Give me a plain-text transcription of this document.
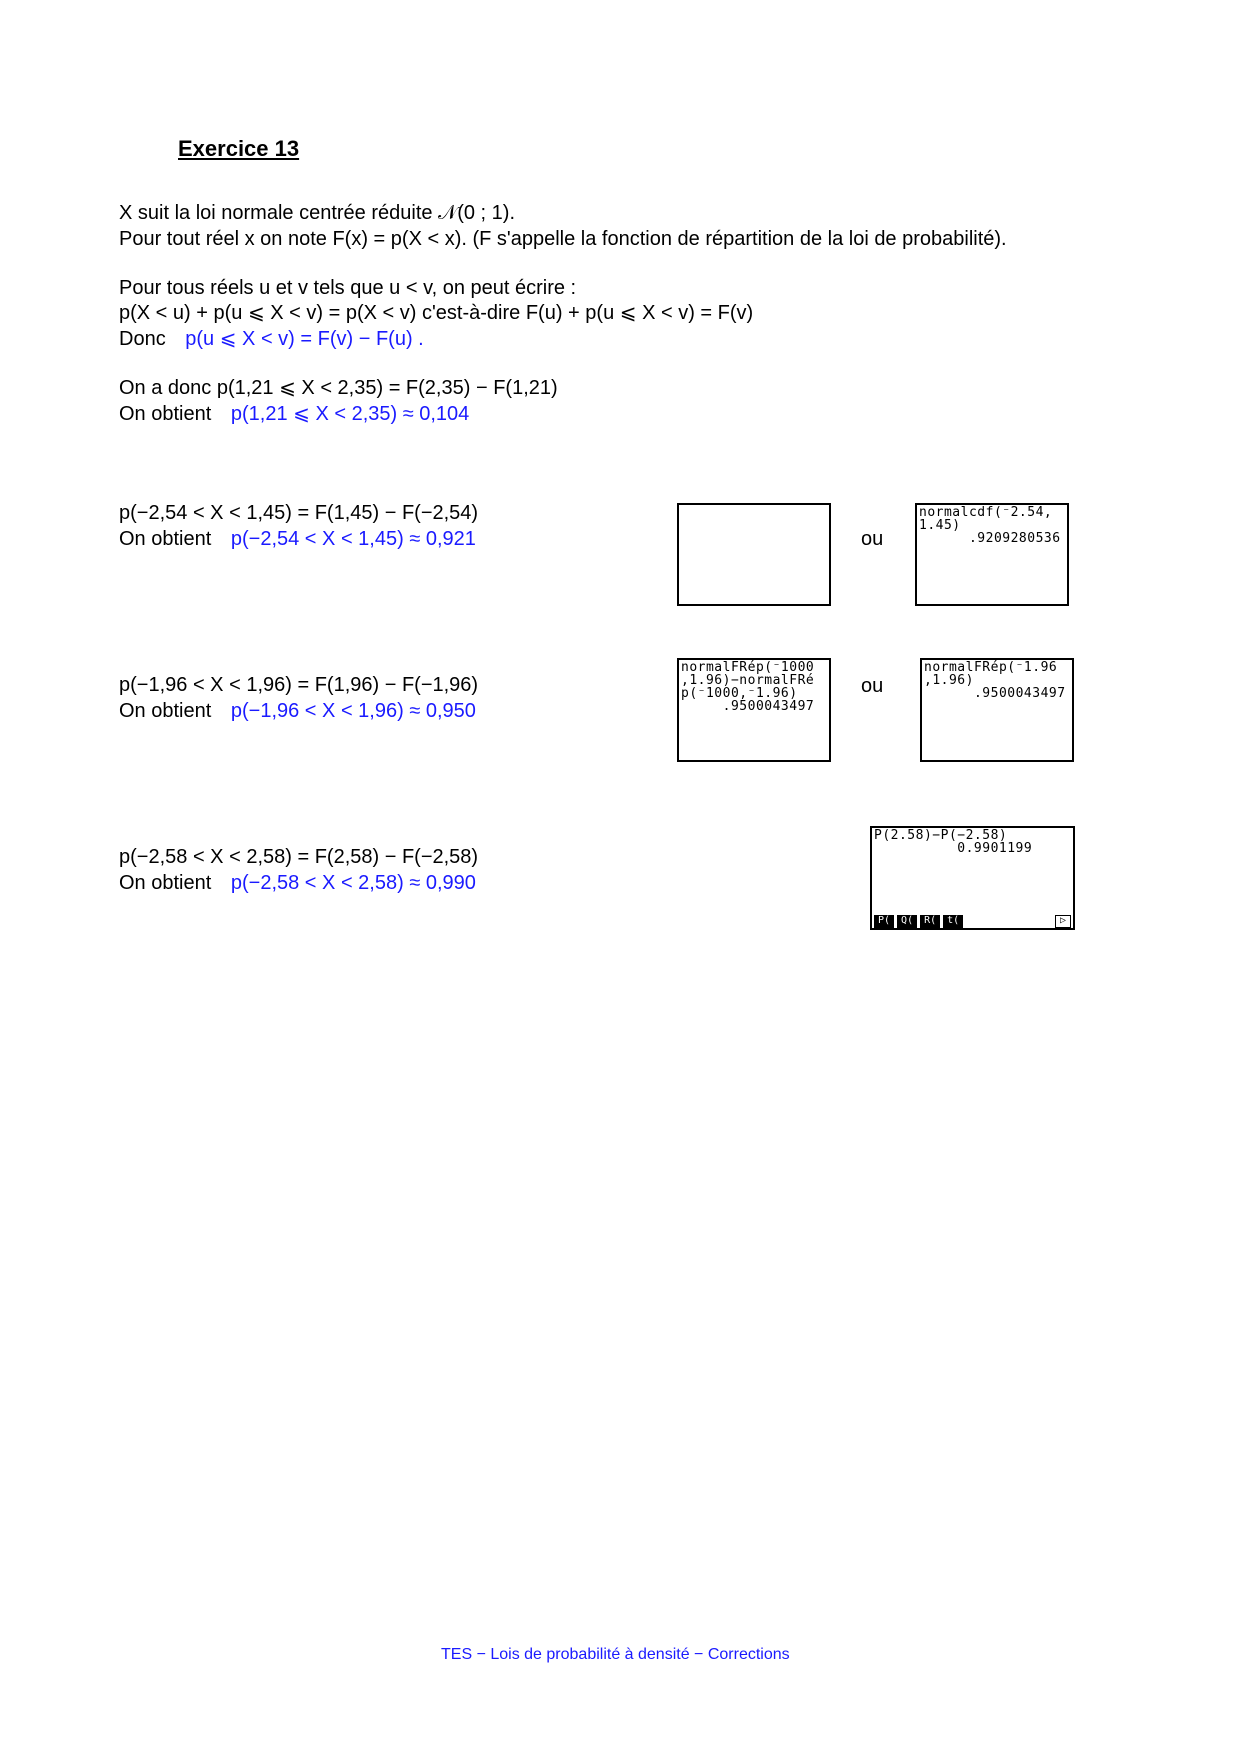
Exercice 13
X suit la loi normale centrée réduite 𝒩(0 ; 1).
Pour tout réel x on note F(x) = p(X < x). (F s'appelle la fonction de répartition de la loi de probabilité).
Pour tous réels u et v tels que u < v, on peut écrire :
p(X < u) + p(u ⩽ X < v) = p(X < v) c'est-à-dire F(u) + p(u ⩽ X < v) = F(v)
Donc p(u ⩽ X < v) = F(v) − F(u) .
On a donc p(1,21 ⩽ X < 2,35) = F(2,35) − F(1,21)
On obtient p(1,21 ⩽ X < 2,35) ≈ 0,104
p(−2,54 < X < 1,45) = F(1,45) − F(−2,54)
On obtient p(−2,54 < X < 1,45) ≈ 0,921	ou
normalcdf(⁻2.54,
1.45)
.9209280536
p(−1,96 < X < 1,96) = F(1,96) − F(−1,96)
On obtient p(−1,96 < X < 1,96) ≈ 0,950
normalFRép(⁻1000
,1.96)−normalFRé
p(⁻1000,⁻1.96)
.9500043497
ou
normalFRép(⁻1.96
,1.96)
.9500043497
p(−2,58 < X < 2,58) = F(2,58) − F(−2,58)
On obtient p(−2,58 < X < 2,58) ≈ 0,990
P(2.58)−P(−2.58)
0.9901199
P(	Q(	R(	t(	▷
TES − Lois de probabilité à densité − Corrections
